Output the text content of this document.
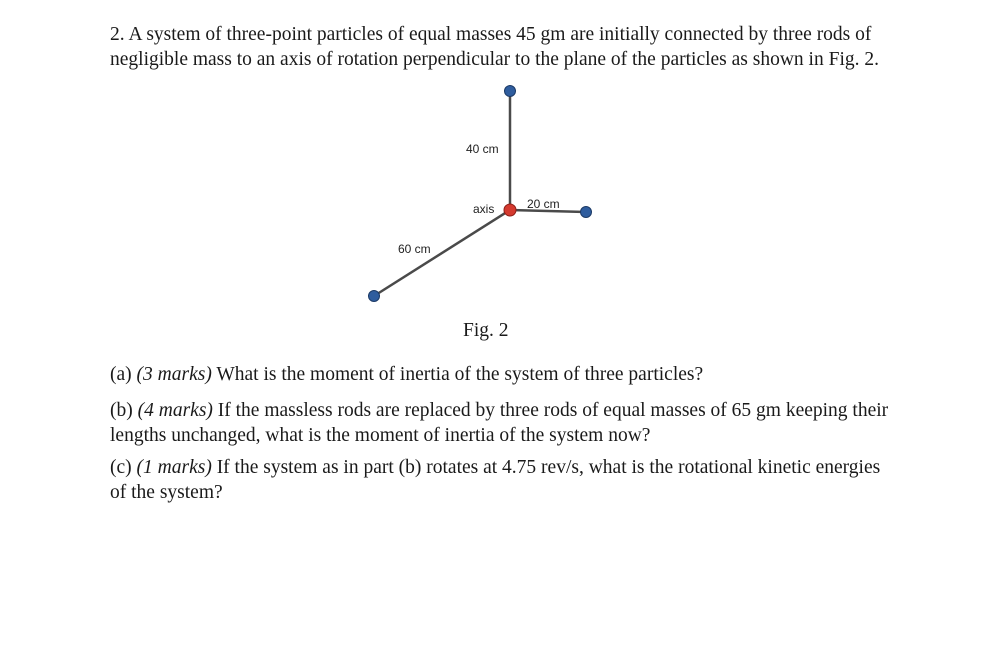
2. A system of three-point particles of equal masses 45 gm are initially connected by three rods of negligible mass to an axis of rotation perpendicular to the plane of the particles as shown in Fig. 2.

40 cm
axis	20 cm
60 cm

Fig. 2

(a) (3 marks) What is the moment of inertia of the system of three particles?

(b) (4 marks) If the massless rods are replaced by three rods of equal masses of 65 gm keeping their lengths unchanged, what is the moment of inertia of the system now?

(c) (1 marks) If the system as in part (b) rotates at 4.75 rev/s, what is the rotational kinetic energies of the system?
